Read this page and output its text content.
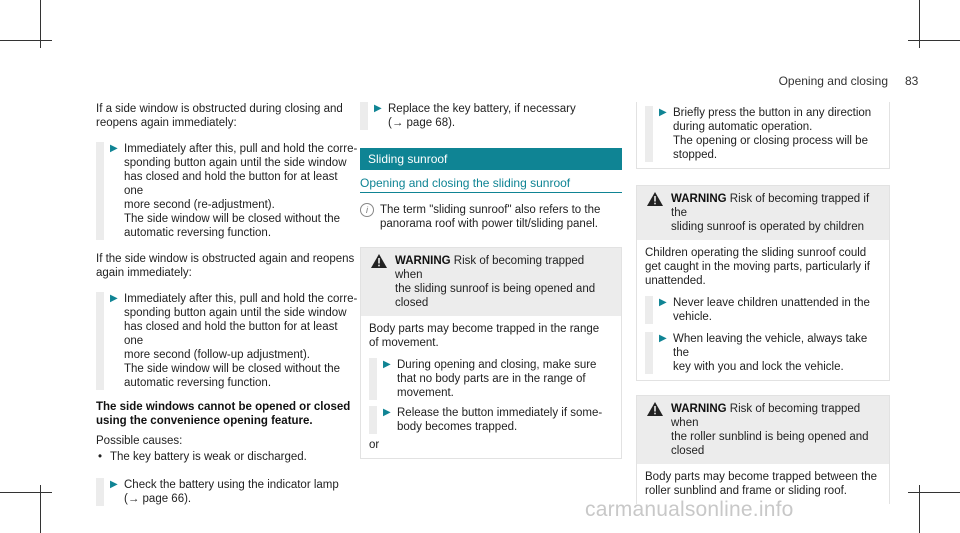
Opening and closing 83

If a side window is obstructed during closing and reopens again immediately:

▶ Immediately after this, pull and hold the corre-
sponding button again until the side window
has closed and hold the button for at least one
more second (re-adjustment).
The side window will be closed without the
automatic reversing function.

If the side window is obstructed again and reopens again immediately:

▶ Immediately after this, pull and hold the corre-
sponding button again until the side window
has closed and hold the button for at least one
more second (follow-up adjustment).
The side window will be closed without the
automatic reversing function.
The side windows cannot be opened or closed
using the convenience opening feature.

Possible causes:

• The key battery is weak or discharged.
▶ Check the battery using the indicator lamp
(→ page 66).
▶ Replace the key battery, if necessary
(→ page 68).
Sliding sunroof
Opening and closing the sliding sunroof
i	The term "sliding sunroof" also refers to the
panorama roof with power tilt/sliding panel.
WARNING Risk of becoming trapped when
the sliding sunroof is being opened and
closed
Body parts may become trapped in the range
of movement.
▶ During opening and closing, make sure
that no body parts are in the range of
movement.
▶ Release the button immediately if some-
body becomes trapped.
or
▶ Briefly press the button in any direction
during automatic operation.
The opening or closing process will be
stopped.
WARNING Risk of becoming trapped if the
sliding sunroof is operated by children
Children operating the sliding sunroof could
get caught in the moving parts, particularly if
unattended.
▶ Never leave children unattended in the
vehicle.
▶ When leaving the vehicle, always take the
key with you and lock the vehicle.
WARNING Risk of becoming trapped when
the roller sunblind is being opened and
closed
Body parts may become trapped between the
roller sunblind and frame or sliding roof.
carmanualsonline.info
